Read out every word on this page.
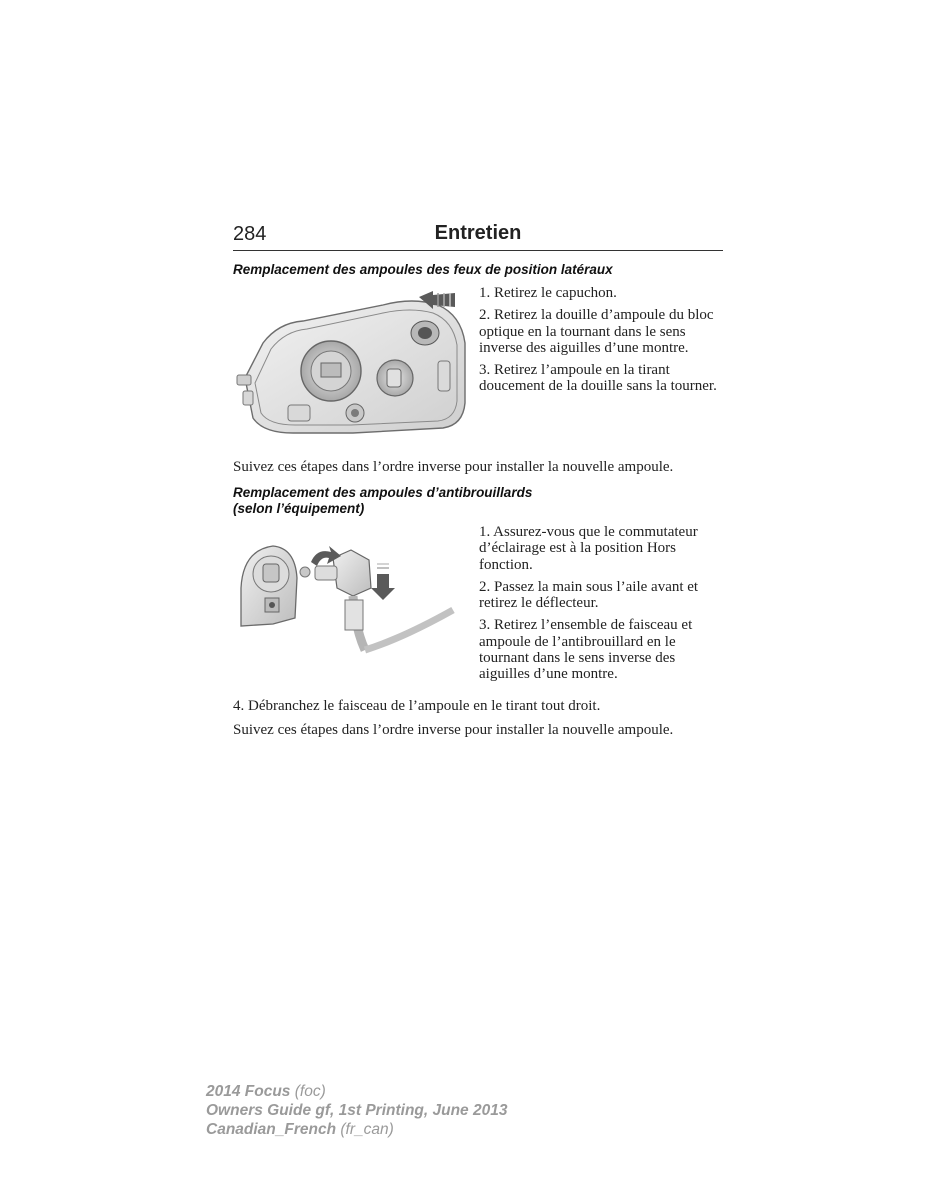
284	Entretien
Remplacement des ampoules des feux de position latéraux

1. Retirez le capuchon.

2. Retirez la douille d’ampoule du bloc optique en la tournant dans le sens inverse des aiguilles d’une montre.

3. Retirez l’ampoule en la tirant doucement de la douille sans la tourner.

Suivez ces étapes dans l’ordre inverse pour installer la nouvelle ampoule.
Remplacement des ampoules d’antibrouillards
(selon l’équipement)

1. Assurez-vous que le commutateur d’éclairage est à la position Hors fonction.

2. Passez la main sous l’aile avant et retirez le déflecteur.

3. Retirez l’ensemble de faisceau et ampoule de l’antibrouillard en le tournant dans le sens inverse des aiguilles d’une montre.

4. Débranchez le faisceau de l’ampoule en le tirant tout droit.
Suivez ces étapes dans l’ordre inverse pour installer la nouvelle ampoule.
2014 Focus (foc)
Owners Guide gf, 1st Printing, June 2013
Canadian_French (fr_can)
